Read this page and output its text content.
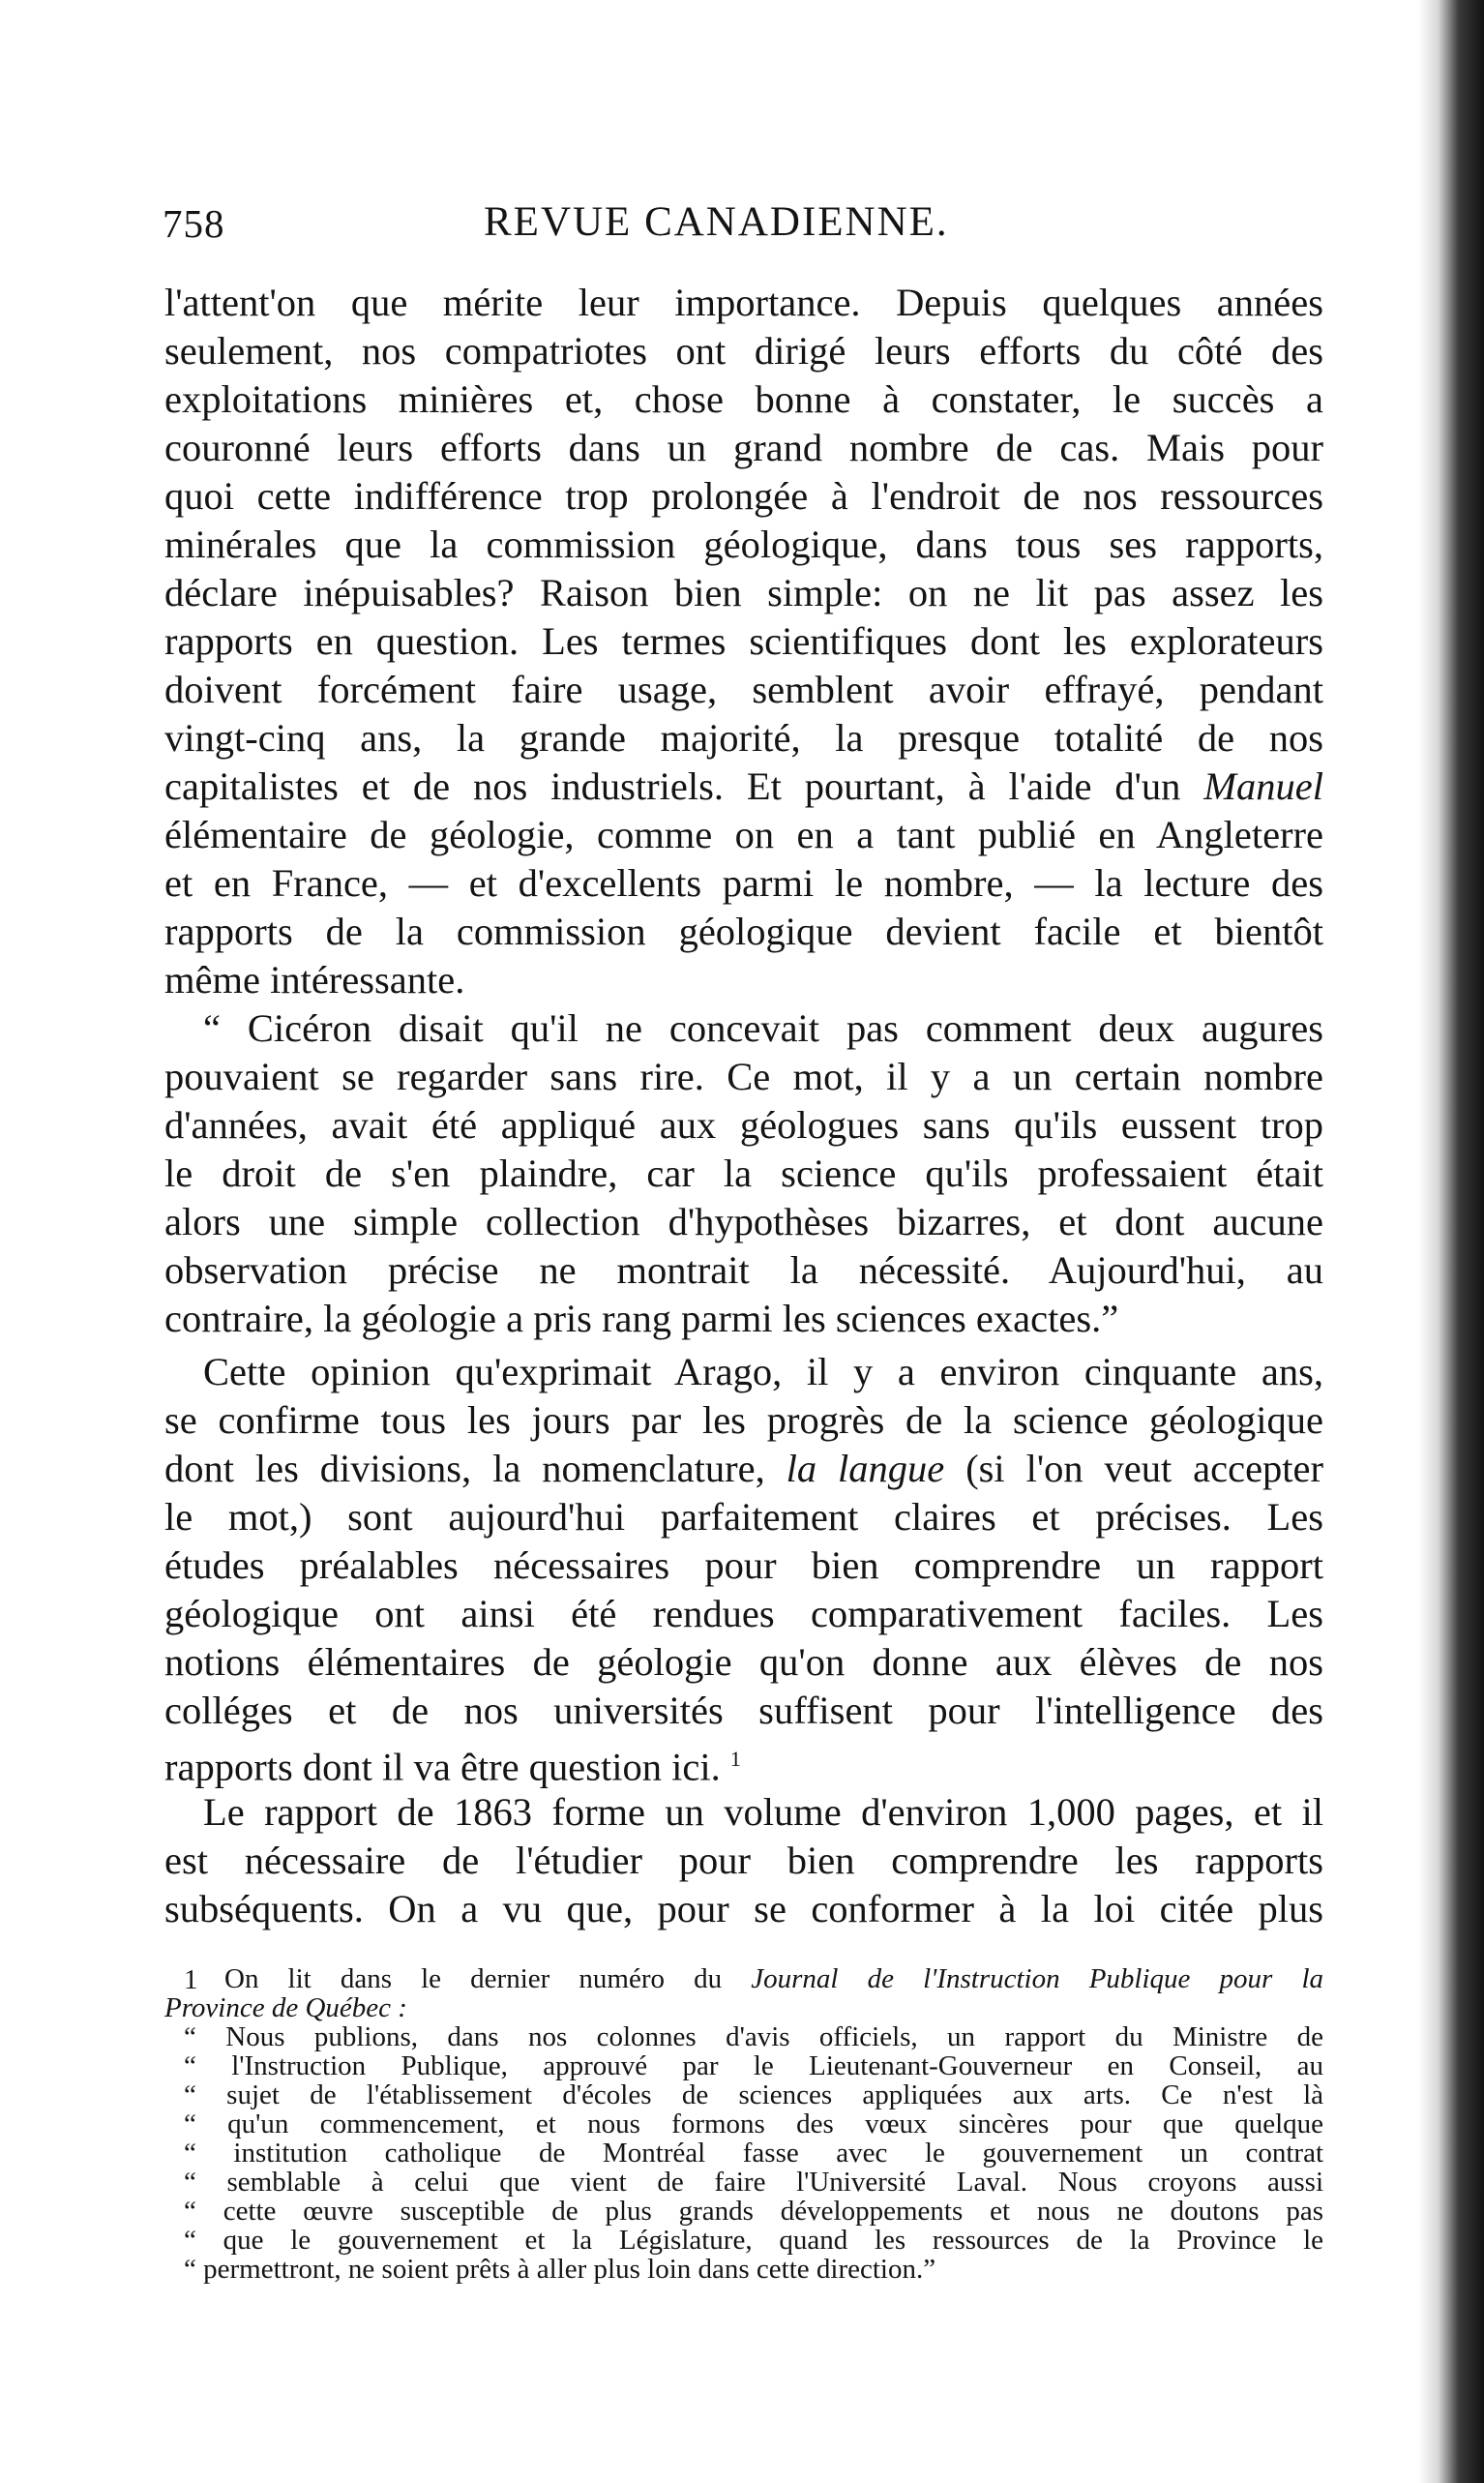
758	REVUE CANADIENNE.
l'attent'on que mérite leur importance. Depuis quelques années
seulement, nos compatriotes ont dirigé leurs efforts du côté des
exploitations minières et, chose bonne à constater, le succès a
couronné leurs efforts dans un grand nombre de cas. Mais pour
quoi cette indifférence trop prolongée à l'endroit de nos ressources
minérales que la commission géologique, dans tous ses rapports,
déclare inépuisables? Raison bien simple: on ne lit pas assez les
rapports en question. Les termes scientifiques dont les explorateurs
doivent forcément faire usage, semblent avoir effrayé, pendant
vingt-cinq ans, la grande majorité, la presque totalité de nos
capitalistes et de nos industriels. Et pourtant, à l'aide d'un Manuel
élémentaire de géologie, comme on en a tant publié en Angleterre
et en France, — et d'excellents parmi le nombre, — la lecture des
rapports de la commission géologique devient facile et bientôt
même intéressante.
“ Cicéron disait qu'il ne concevait pas comment deux augures
pouvaient se regarder sans rire. Ce mot, il y a un certain nombre
d'années, avait été appliqué aux géologues sans qu'ils eussent trop
le droit de s'en plaindre, car la science qu'ils professaient était
alors une simple collection d'hypothèses bizarres, et dont aucune
observation précise ne montrait la nécessité. Aujourd'hui, au
contraire, la géologie a pris rang parmi les sciences exactes.”
Cette opinion qu'exprimait Arago, il y a environ cinquante ans,
se confirme tous les jours par les progrès de la science géologique
dont les divisions, la nomenclature, la langue (si l'on veut accepter
le mot,) sont aujourd'hui parfaitement claires et précises. Les
études préalables nécessaires pour bien comprendre un rapport
géologique ont ainsi été rendues comparativement faciles. Les
notions élémentaires de géologie qu'on donne aux élèves de nos
colléges et de nos universités suffisent pour l'intelligence des
rapports dont il va être question ici. $^1$
Le rapport de 1863 forme un volume d'environ 1,000 pages, et il
est nécessaire de l'étudier pour bien comprendre les rapports
subséquents. On a vu que, pour se conformer à la loi citée plus
1 On lit dans le dernier numéro du Journal de l'Instruction Publique pour la
Province de Québec :
“ Nous publions, dans nos colonnes d'avis officiels, un rapport du Ministre de
“ l'Instruction Publique, approuvé par le Lieutenant-Gouverneur en Conseil, au
“ sujet de l'établissement d'écoles de sciences appliquées aux arts. Ce n'est là
“ qu'un commencement, et nous formons des vœux sincères pour que quelque
“ institution catholique de Montréal fasse avec le gouvernement un contrat
“ semblable à celui que vient de faire l'Université Laval. Nous croyons aussi
“ cette œuvre susceptible de plus grands développements et nous ne doutons pas
“ que le gouvernement et la Législature, quand les ressources de la Province le
“ permettront, ne soient prêts à aller plus loin dans cette direction.”
